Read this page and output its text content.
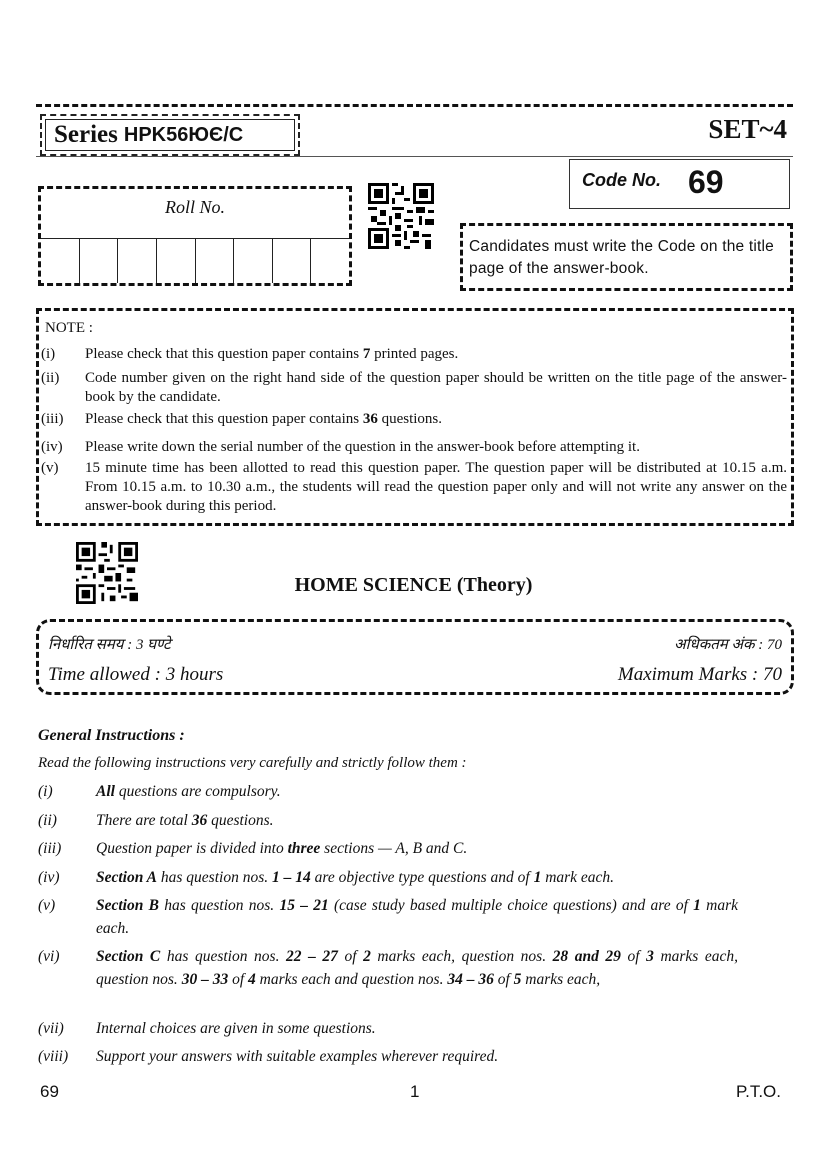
Series HPK56ЮЄ/C	SET~4
Code No. 69
Roll No.
Candidates must write the Code on the title page of the answer-book.
NOTE :
(i) Please check that this question paper contains 7 printed pages.
(ii) Code number given on the right hand side of the question paper should be written on the title page of the answer-book by the candidate.
(iii) Please check that this question paper contains 36 questions.
(iv) Please write down the serial number of the question in the answer-book before attempting it.
(v) 15 minute time has been allotted to read this question paper. The question paper will be distributed at 10.15 a.m. From 10.15 a.m. to 10.30 a.m., the students will read the question paper only and will not write any answer on the answer-book during this period.
HOME SCIENCE (Theory)
निर्धारित समय : 3 घण्टे	अधिकतम अंक : 70
Time allowed : 3 hours	Maximum Marks : 70
General Instructions :
Read the following instructions very carefully and strictly follow them :
(i)	All questions are compulsory.
(ii)	There are total 36 questions.
(iii) Question paper is divided into three sections — A, B and C.
(iv) Section A has question nos. 1 – 14 are objective type questions and of 1 mark each.
(v)	Section B has question nos. 15 – 21 (case study based multiple choice questions) and are of 1 mark each.
(vi) Section C has question nos. 22 – 27 of 2 marks each, question nos. 28 and 29 of 3 marks each, question nos. 30 – 33 of 4 marks each and question nos. 34 – 36 of 5 marks each,
(vii) Internal choices are given in some questions.
(viii) Support your answers with suitable examples wherever required.
69	1	P.T.O.
